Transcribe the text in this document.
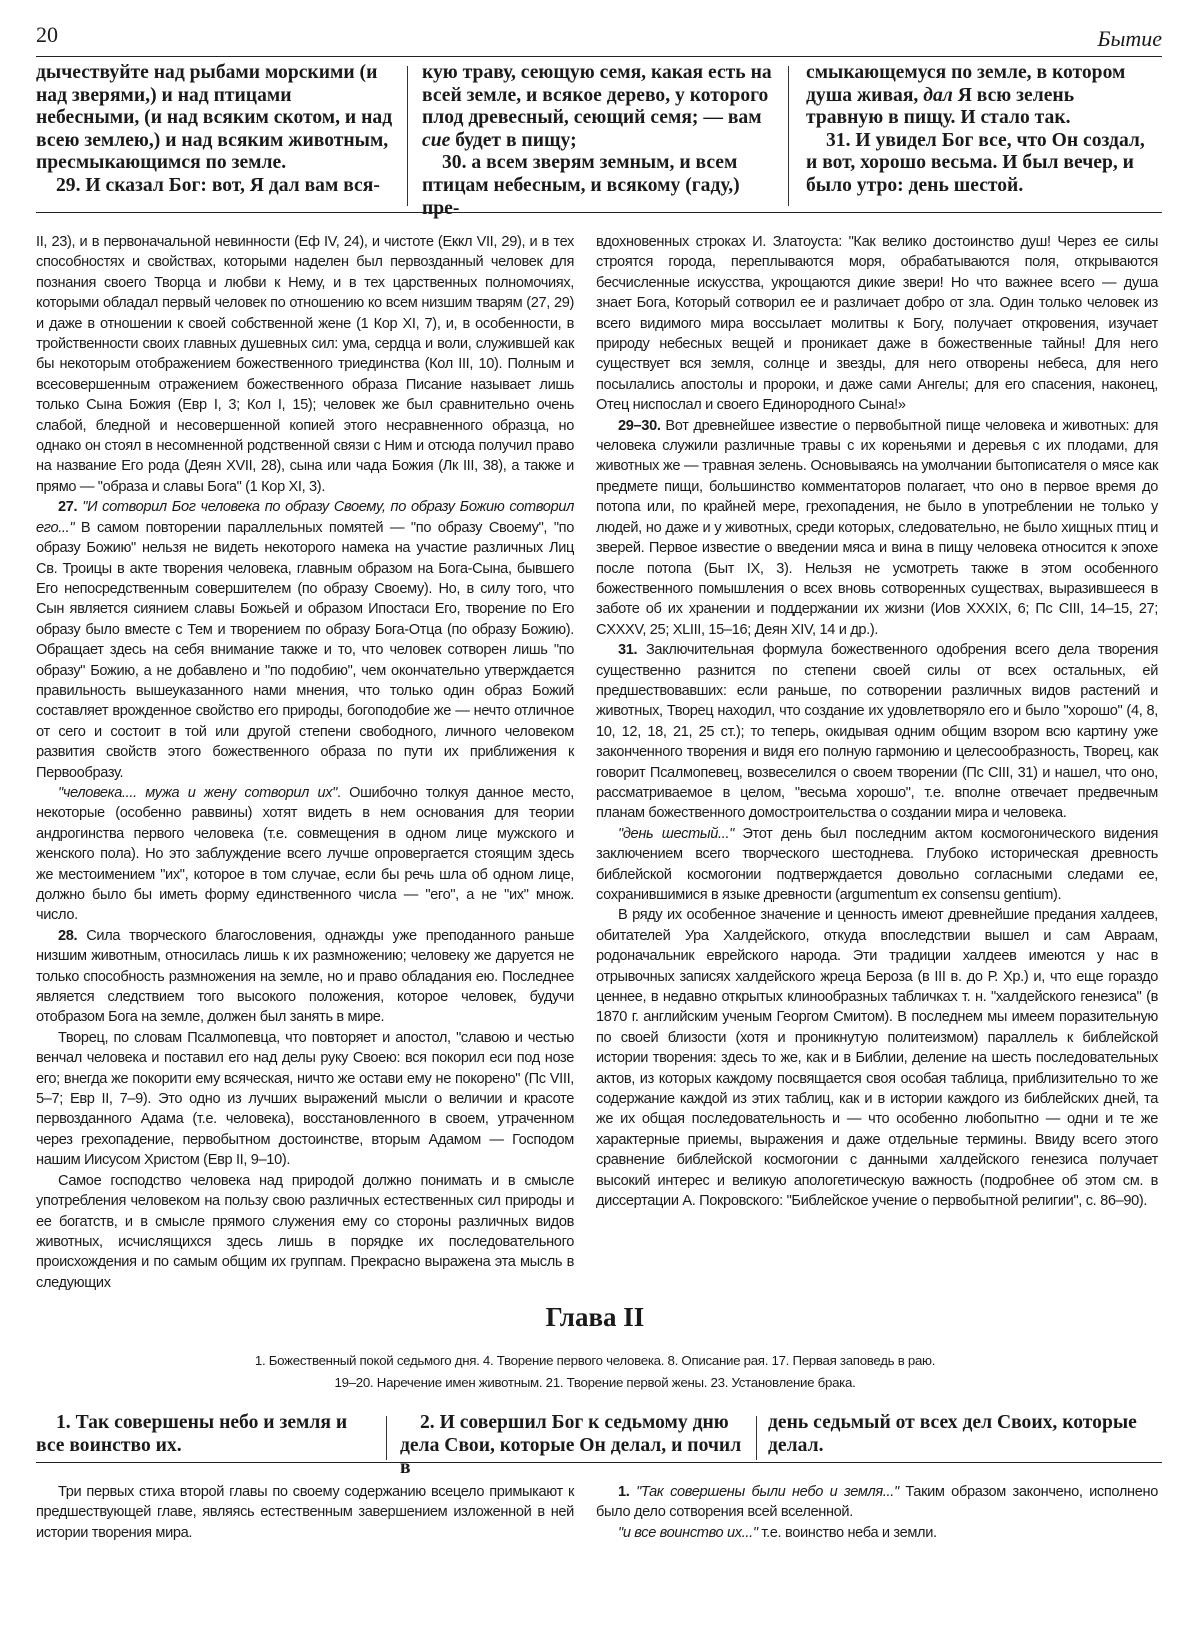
20	Бытие

дычествуйте над рыбами морскими (и над зверями,) и над птицами небесными, (и над всяким скотом, и над всею землею,) и над всяким животным, пресмыкающимся по земле.

29. И сказал Бог: вот, Я дал вам вся-

кую траву, сеющую семя, какая есть на всей земле, и всякое дерево, у которого плод древесный, сеющий семя; — вам сие будет в пищу;

30. а всем зверям земным, и всем птицам небесным, и всякому (гаду,) пре-

смыкающемуся по земле, в котором душа живая, дал Я всю зелень травную в пищу. И стало так.

31. И увидел Бог все, что Он создал, и вот, хорошо весьма. И был вечер, и было утро: день шестой.

II, 23), и в первоначальной невинности (Еф IV, 24), и чистоте (Еккл VII, 29), и в тех способностях и свойствах, которыми наделен был первозданный человек для познания своего Творца и любви к Нему, и в тех царственных полномочиях, которыми обладал первый человек по отношению ко всем низшим тварям (27, 29) и даже в отношении к своей собственной жене (1 Кор XI, 7), и, в особенности, в тройственности своих главных душевных сил: ума, сердца и воли, служившей как бы некоторым отображением божественного триединства (Кол III, 10). Полным и всесовершенным отражением божественного образа Писание называет лишь только Сына Божия (Евр I, 3; Кол I, 15); человек же был сравнительно очень слабой, бледной и несовершенной копией этого несравненного образца, но однако он стоял в несомненной родственной связи с Ним и отсюда получил право на название Его рода (Деян XVII, 28), сына или чада Божия (Лк III, 38), а также и прямо — "образа и славы Бога" (1 Кор XI, 3).

27. "И сотворил Бог человека по образу Своему, по образу Божию сотворил его..." В самом повторении параллельных помятей — "по образу Своему", "по образу Божию" нельзя не видеть некоторого намека на участие различных Лиц Св. Троицы в акте творения человека, главным образом на Бога-Сына, бывшего Его непосредственным совершителем (по образу Своему). Но, в силу того, что Сын является сиянием славы Божьей и образом Ипостаси Его, творение по Его образу было вместе с Тем и творением по образу Бога-Отца (по образу Божию). Обращает здесь на себя внимание также и то, что человек сотворен лишь "по образу" Божию, а не добавлено и "по подобию", чем окончательно утверждается правильность вышеуказанного нами мнения, что только один образ Божий составляет врожденное свойство его природы, богоподобие же — нечто отличное от сего и состоит в той или другой степени свободного, личного человеком развития свойств этого божественного образа по пути их приближения к Первообразу.

"человека.... мужа и жену сотворил их". Ошибочно толкуя данное место, некоторые (особенно раввины) хотят видеть в нем основания для теории андрогинства первого человека (т.е. совмещения в одном лице мужского и женского пола). Но это заблуждение всего лучше опровергается стоящим здесь же местоимением "их", которое в том случае, если бы речь шла об одном лице, должно было бы иметь форму единственного числа — "его", а не "их" множ. число.

28. Сила творческого благословения, однажды уже преподанного раньше низшим животным, относилась лишь к их размножению; человеку же даруется не только способность размножения на земле, но и право обладания ею. Последнее является следствием того высокого положения, которое человек, будучи отобразом Бога на земле, должен был занять в мире.

Творец, по словам Псалмопевца, что повторяет и апостол, "славою и честью венчал человека и поставил его над делы руку Своею: вся покорил еси под нозе его; внегда же покорити ему всяческая, ничто же остави ему не покорено" (Пс VIII, 5–7; Евр II, 7–9). Это одно из лучших выражений мысли о величии и красоте первозданного Адама (т.е. человека), восстановленного в своем, утраченном через грехопадение, первобытном достоинстве, вторым Адамом — Господом нашим Иисусом Христом (Евр II, 9–10).

Самое господство человека над природой должно понимать и в смысле употребления человеком на пользу свою различных естественных сил природы и ее богатств, и в смысле прямого служения ему со стороны различных видов животных, исчислящихся здесь лишь в порядке их последовательного происхождения и по самым общим их группам. Прекрасно выражена эта мысль в следующих

вдохновенных строках И. Златоуста: "Как велико достоинство душ! Через ее силы строятся города, переплываются моря, обрабатываются поля, открываются бесчисленные искусства, укрощаются дикие звери! Но что важнее всего — душа знает Бога, Который сотворил ее и различает добро от зла. Один только человек из всего видимого мира воссылает молитвы к Богу, получает откровения, изучает природу небесных вещей и проникает даже в божественные тайны! Для него существует вся земля, солнце и звезды, для него отворены небеса, для него посылались апостолы и пророки, и даже сами Ангелы; для его спасения, наконец, Отец ниспослал и своего Единородного Сына!»

29–30. Вот древнейшее известие о первобытной пище человека и животных: для человека служили различные травы с их кореньями и деревья с их плодами, для животных же — травная зелень. Основываясь на умолчании бытописателя о мясе как предмете пищи, большинство комментаторов полагает, что оно в первое время до потопа или, по крайней мере, грехопадения, не было в употреблении не только у людей, но даже и у животных, среди которых, следовательно, не было хищных птиц и зверей. Первое известие о введении мяса и вина в пищу человека относится к эпохе после потопа (Быт IX, 3). Нельзя не усмотреть также в этом особенного божественного помышления о всех вновь сотворенных существах, выразившееся в заботе об их хранении и поддержании их жизни (Иов XXXIX, 6; Пс CIII, 14–15, 27; CXXXV, 25; XLIII, 15–16; Деян XIV, 14 и др.).

31. Заключительная формула божественного одобрения всего дела творения существенно разнится по степени своей силы от всех остальных, ей предшествовавших: если раньше, по сотворении различных видов растений и животных, Творец находил, что создание их удовлетворяло его и было "хорошо" (4, 8, 10, 12, 18, 21, 25 ст.); то теперь, окидывая одним общим взором всю картину уже законченного творения и видя его полную гармонию и целесообразность, Творец, как говорит Псалмопевец, возвеселился о своем творении (Пс CIII, 31) и нашел, что оно, рассматриваемое в целом, "весьма хорошо", т.е. вполне отвечает предвечным планам божественного домостроительства о создании мира и человека.

"день шестый..." Этот день был последним актом космогонического видения заключением всего творческого шестоднева. Глубоко историческая древность библейской космогонии подтверждается довольно согласными следами ее, сохранившимися в языке древности (argumentum ex consensu gentium).

В ряду их особенное значение и ценность имеют древнейшие предания халдеев, обитателей Ура Халдейского, откуда впоследствии вышел и сам Авраам, родоначальник еврейского народа. Эти традиции халдеев имеются у нас в отрывочных записях халдейского жреца Бероза (в III в. до Р. Хр.) и, что еще гораздо ценнее, в недавно открытых клинообразных табличках т. н. "халдейского генезиса" (в 1870 г. английским ученым Георгом Смитом). В последнем мы имеем поразительную по своей близости (хотя и проникнутую политеизмом) параллель к библейской истории творения: здесь то же, как и в Библии, деление на шесть последовательных актов, из которых каждому посвящается своя особая таблица, приблизительно то же содержание каждой из этих таблиц, как и в истории каждого из библейских дней, та же их общая последовательность и — что особенно любопытно — одни и те же характерные приемы, выражения и даже отдельные термины. Ввиду всего этого сравнение библейской космогонии с данными халдейского генезиса получает высокий интерес и великую апологетическую важность (подробнее об этом см. в диссертации А. Покровского: "Библейское учение о первобытной религии", с. 86–90).

Глава II
1. Божественный покой седьмого дня. 4. Творение первого человека. 8. Описание рая. 17. Первая заповедь в раю.
19–20. Наречение имен животным. 21. Творение первой жены. 23. Установление брака.

1. Так совершены небо и земля и все воинство их.

2. И совершил Бог к седьмому дню дела Свои, которые Он делал, и почил в

день седьмый от всех дел Своих, которые делал.

Три первых стиха второй главы по своему содержанию всецело примыкают к предшествующей главе, являясь естественным завершением изложенной в ней истории творения мира.

1. "Так совершены были небо и земля..." Таким образом закончено, исполнено было дело сотворения всей вселенной.

"и все воинство их..." т.е. воинство неба и земли.
